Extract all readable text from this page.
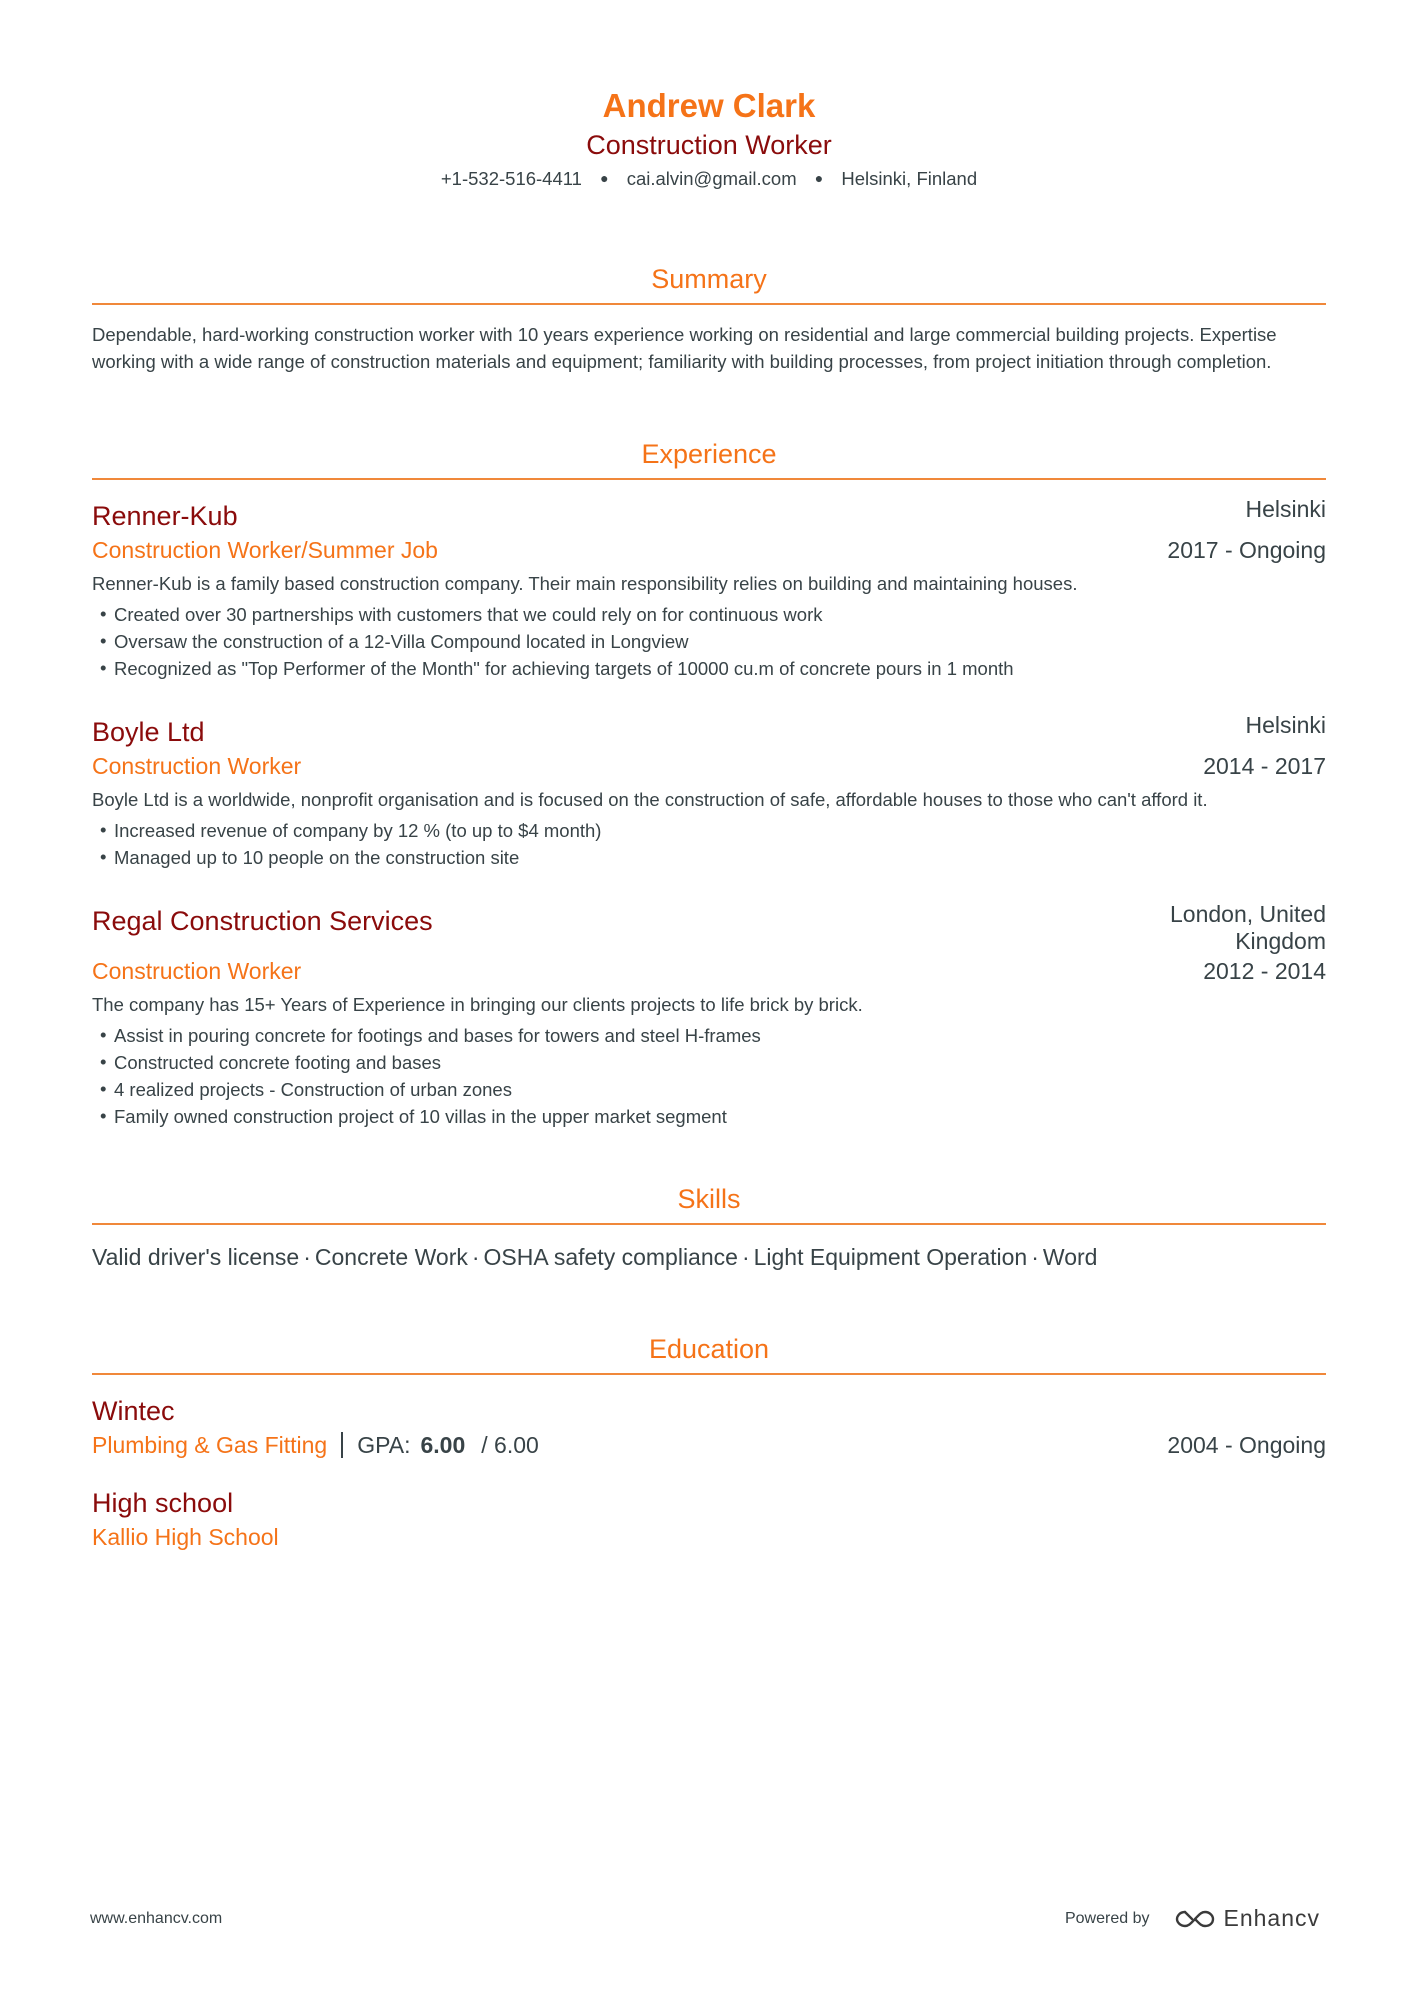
Andrew Clark
Construction Worker
+1-532-516-4411 ● cai.alvin@gmail.com ● Helsinki, Finland
Summary
Dependable, hard-working construction worker with 10 years experience working on residential and large commercial building projects. Expertise working with a wide range of construction materials and equipment; familiarity with building processes, from project initiation through completion.
Experience
Renner-Kub	Helsinki
Construction Worker/Summer Job	2017 - Ongoing
Renner-Kub is a family based construction company. Their main responsibility relies on building and maintaining houses.
• Created over 30 partnerships with customers that we could rely on for continuous work
• Oversaw the construction of a 12-Villa Compound located in Longview
• Recognized as "Top Performer of the Month" for achieving targets of 10000 cu.m of concrete pours in 1 month
Boyle Ltd	Helsinki
Construction Worker	2014 - 2017
Boyle Ltd is a worldwide, nonprofit organisation and is focused on the construction of safe, affordable houses to those who can't afford it.
• Increased revenue of company by 12 % (to up to $4 month)
• Managed up to 10 people on the construction site
Regal Construction Services	London, United
Kingdom
Construction Worker	2012 - 2014
The company has 15+ Years of Experience in bringing our clients projects to life brick by brick.
• Assist in pouring concrete for footings and bases for towers and steel H-frames
• Constructed concrete footing and bases
• 4 realized projects - Construction of urban zones
• Family owned construction project of 10 villas in the upper market segment
Skills
Valid driver's license · Concrete Work · OSHA safety compliance · Light Equipment Operation · Word
Education
Wintec
Plumbing & Gas Fitting GPA: 6.00 / 6.00	2004 - Ongoing
High school
Kallio High School
www.enhancv.com	Powered by	Enhancv
